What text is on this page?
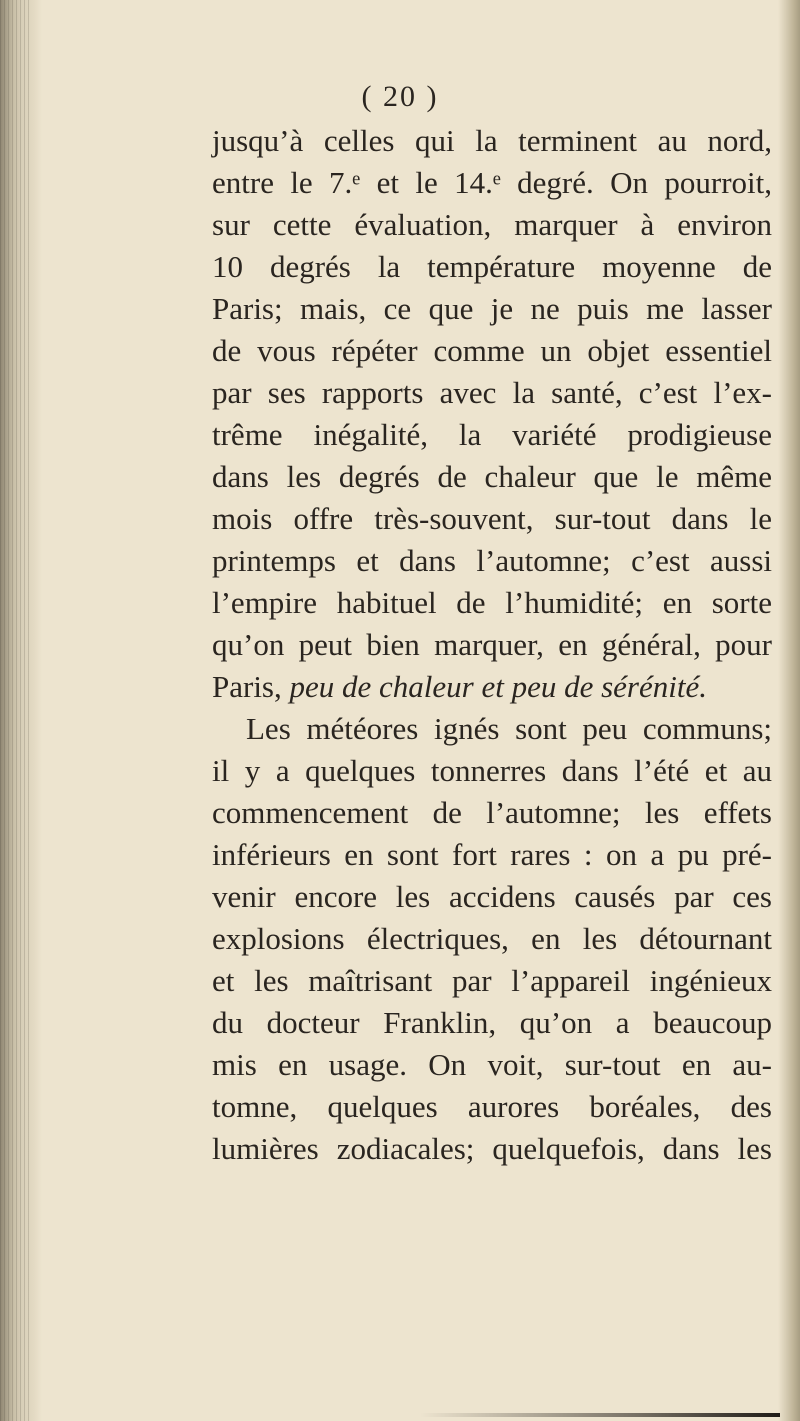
( 20 )
jusqu’à celles qui la terminent au nord,
entre le 7.ᵉ et le 14.ᵉ degré. On pourroit,
sur cette évaluation, marquer à environ
10 degrés la température moyenne de
Paris; mais, ce que je ne puis me lasser
de vous répéter comme un objet essentiel
par ses rapports avec la santé, c’est l’ex-
trême inégalité, la variété prodigieuse
dans les degrés de chaleur que le même
mois offre très-souvent, sur-tout dans le
printemps et dans l’automne; c’est aussi
l’empire habituel de l’humidité; en sorte
qu’on peut bien marquer, en général, pour
Paris, peu de chaleur et peu de sérénité.
Les météores ignés sont peu communs;
il y a quelques tonnerres dans l’été et au
commencement de l’automne; les effets
inférieurs en sont fort rares : on a pu pré-
venir encore les accidens causés par ces
explosions électriques, en les détournant
et les maîtrisant par l’appareil ingénieux
du docteur Franklin, qu’on a beaucoup
mis en usage. On voit, sur-tout en au-
tomne, quelques aurores boréales, des
lumières zodiacales; quelquefois, dans les
